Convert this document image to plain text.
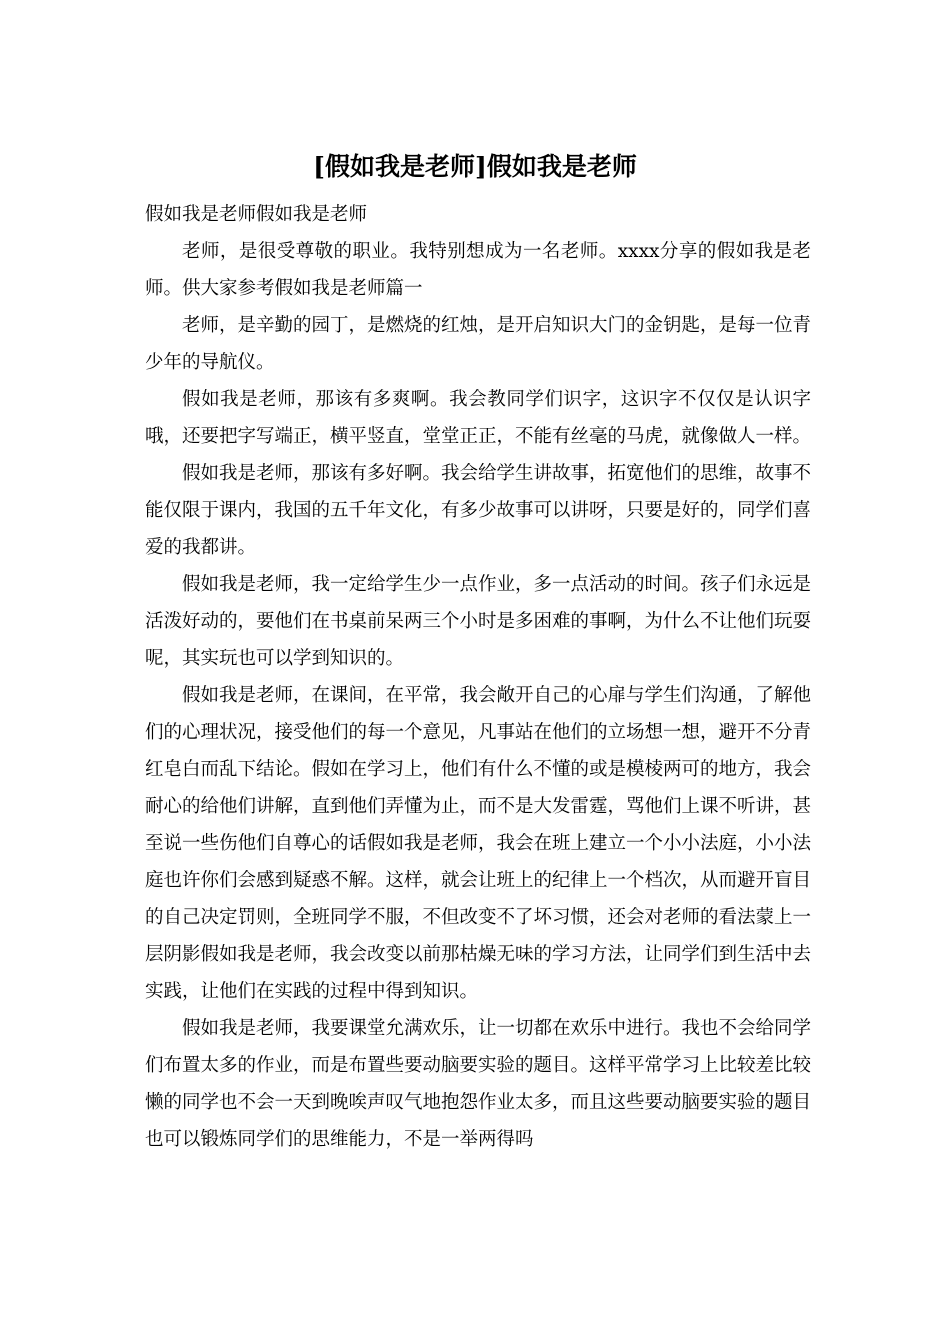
[假如我是老师]假如我是老师

假如我是老师假如我是老师

老师，是很受尊敬的职业。我特别想成为一名老师。xxxx分享的假如我是老师。供大家参考假如我是老师篇一

老师，是辛勤的园丁，是燃烧的红烛，是开启知识大门的金钥匙，是每一位青少年的导航仪。

假如我是老师，那该有多爽啊。我会教同学们识字，这识字不仅仅是认识字哦，还要把字写端正，横平竖直，堂堂正正，不能有丝毫的马虎，就像做人一样。

假如我是老师，那该有多好啊。我会给学生讲故事，拓宽他们的思维，故事不能仅限于课内，我国的五千年文化，有多少故事可以讲呀，只要是好的，同学们喜爱的我都讲。

假如我是老师，我一定给学生少一点作业，多一点活动的时间。孩子们永远是活泼好动的，要他们在书桌前呆两三个小时是多困难的事啊，为什么不让他们玩耍呢，其实玩也可以学到知识的。

假如我是老师，在课间，在平常，我会敞开自己的心扉与学生们沟通，了解他们的心理状况，接受他们的每一个意见，凡事站在他们的立场想一想，避开不分青红皂白而乱下结论。假如在学习上，他们有什么不懂的或是模棱两可的地方，我会耐心的给他们讲解，直到他们弄懂为止，而不是大发雷霆，骂他们上课不听讲，甚至说一些伤他们自尊心的话假如我是老师，我会在班上建立一个小小法庭，小小法庭也许你们会感到疑惑不解。这样，就会让班上的纪律上一个档次，从而避开盲目的自己决定罚则，全班同学不服，不但改变不了坏习惯，还会对老师的看法蒙上一层阴影假如我是老师，我会改变以前那枯燥无味的学习方法，让同学们到生活中去实践，让他们在实践的过程中得到知识。

假如我是老师，我要课堂允满欢乐，让一切都在欢乐中进行。我也不会给同学们布置太多的作业，而是布置些要动脑要实验的题目。这样平常学习上比较差比较懒的同学也不会一天到晚唉声叹气地抱怨作业太多，而且这些要动脑要实验的题目也可以锻炼同学们的思维能力，不是一举两得吗
